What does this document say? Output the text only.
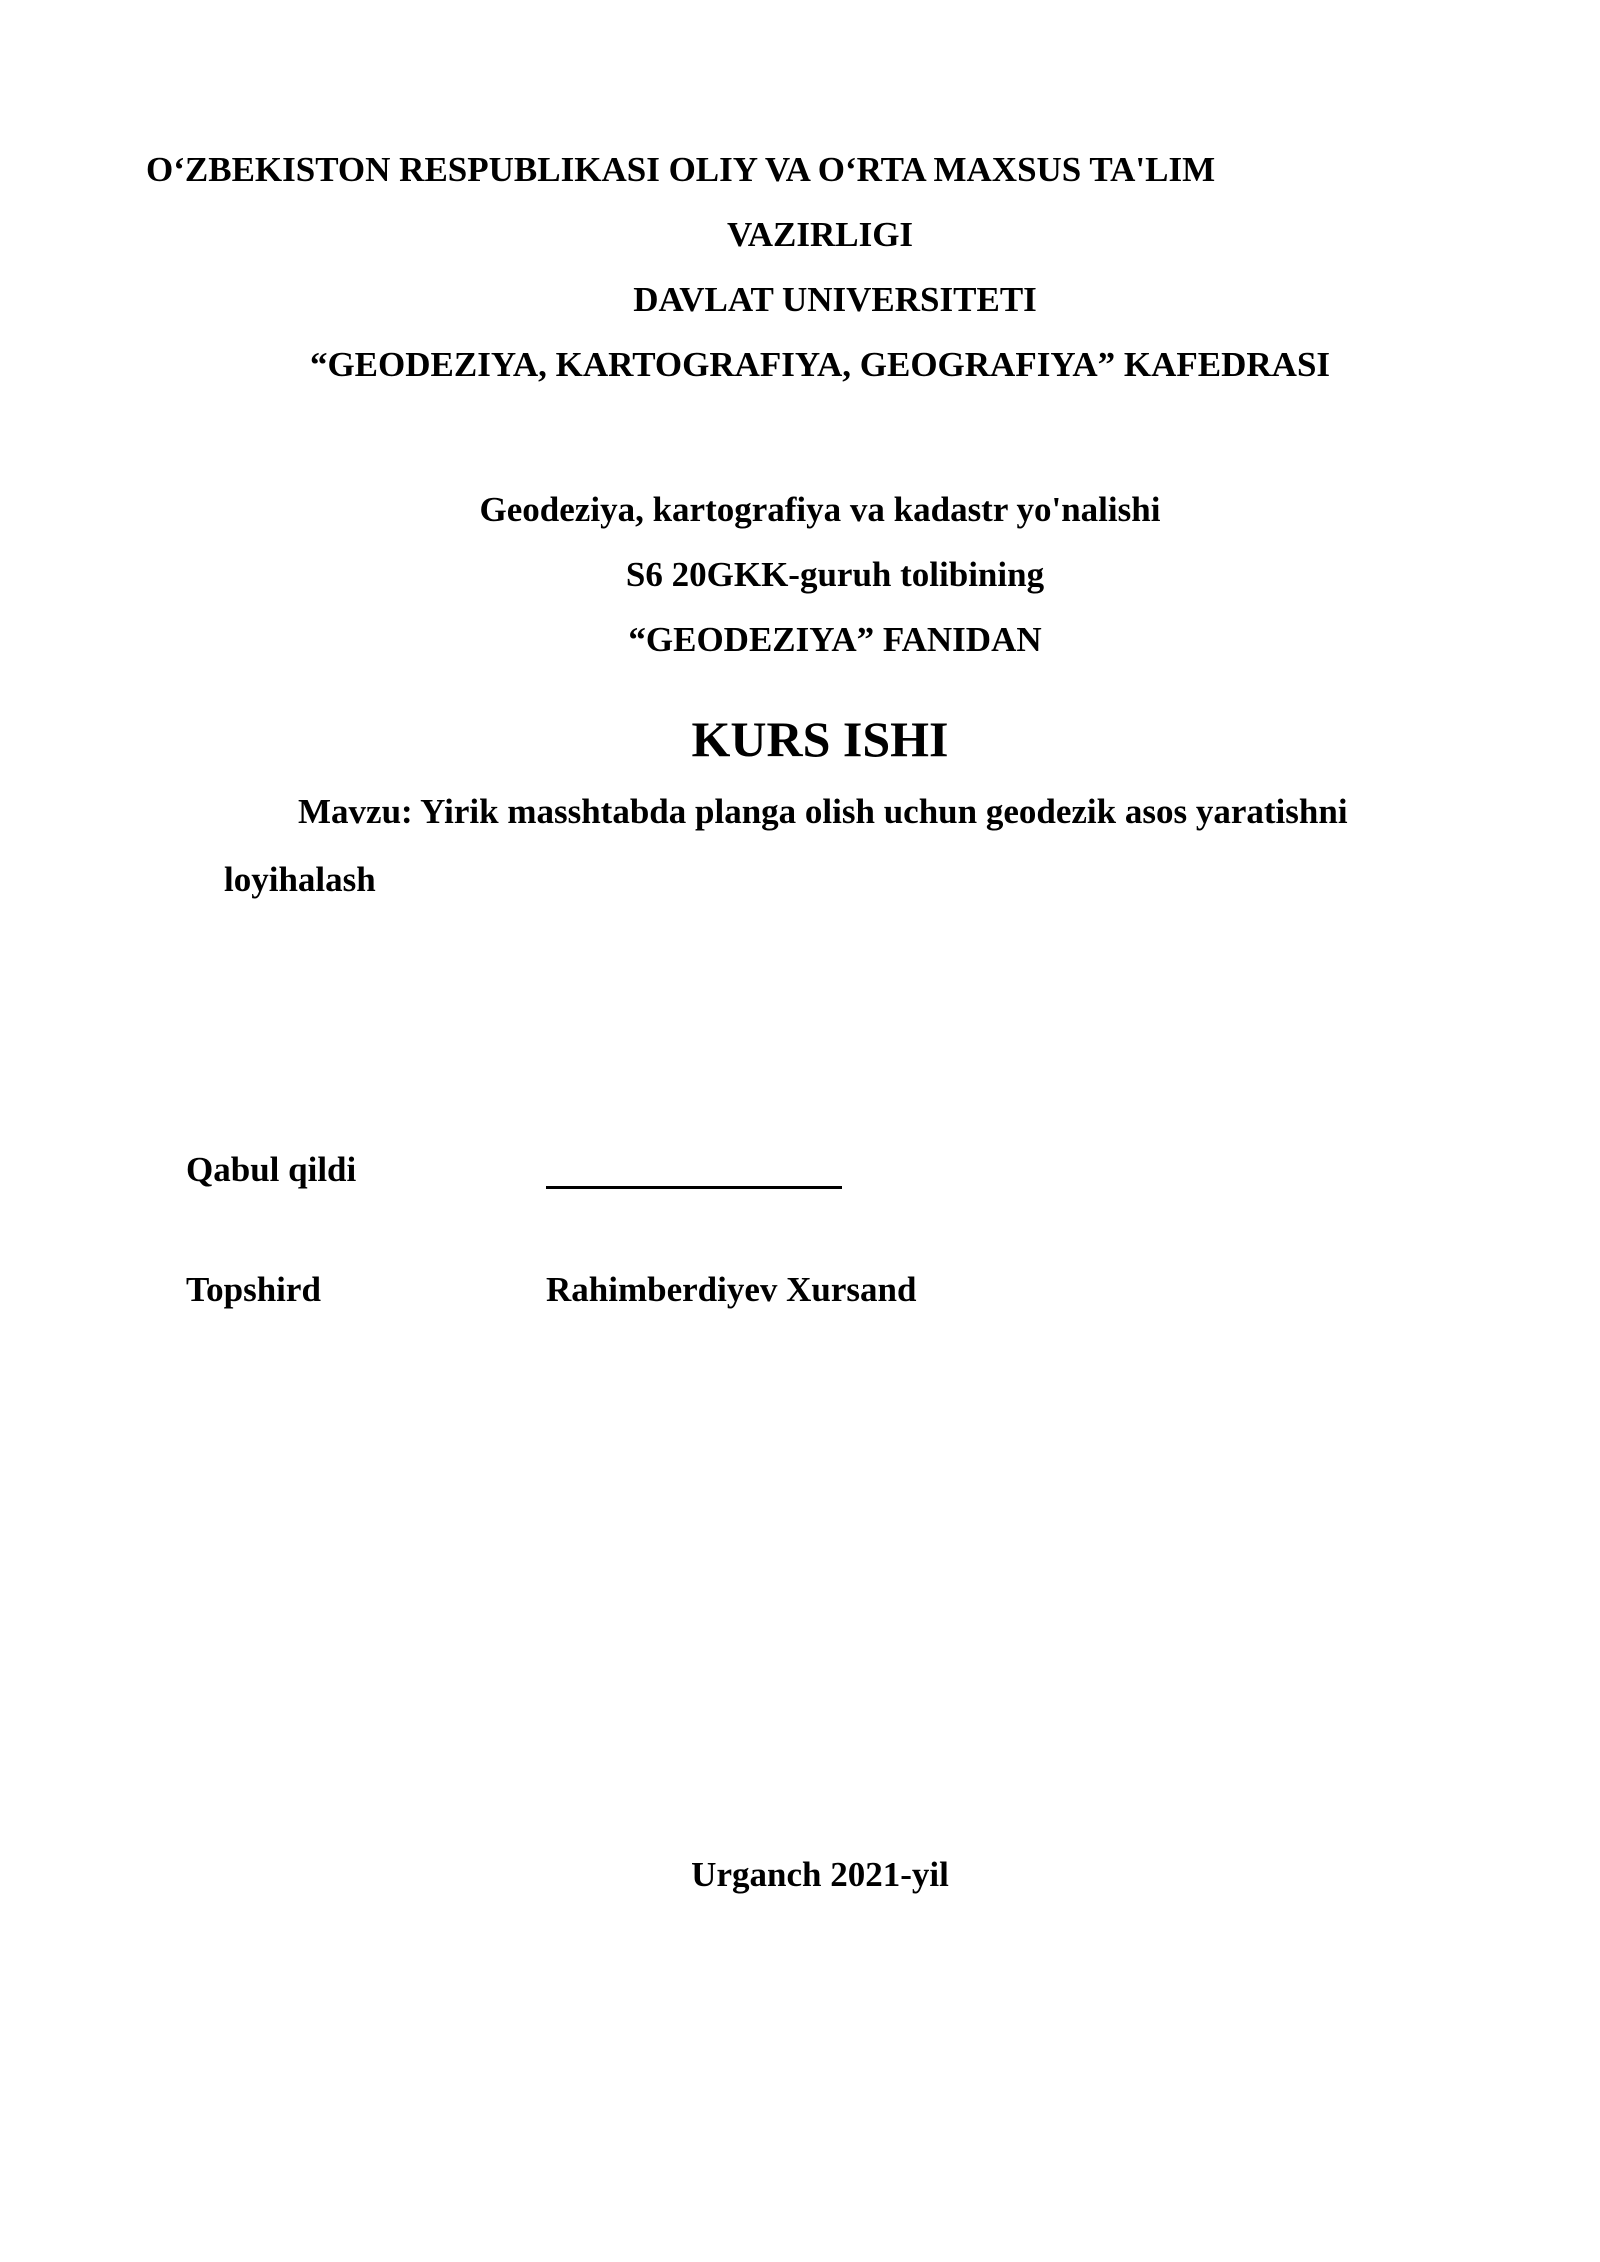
O‘ZBEKISTON RESPUBLIKASI OLIY VA O‘RTA MAXSUS TA'LIM
VAZIRLIGI
DAVLAT UNIVERSITETI
“GEODEZIYA, KARTOGRAFIYA, GEOGRAFIYA” KAFEDRASI
Geodeziya, kartografiya va kadastr yo'nalishi
S6 20GKK-guruh tolibining
“GEODEZIYA” FANIDAN
KURS ISHI
Mavzu: Yirik masshtabda planga olish uchun geodezik asos yaratishni
loyihalash
Qabul qildi
Topshird	Rahimberdiyev Xursand
Urganch 2021-yil
